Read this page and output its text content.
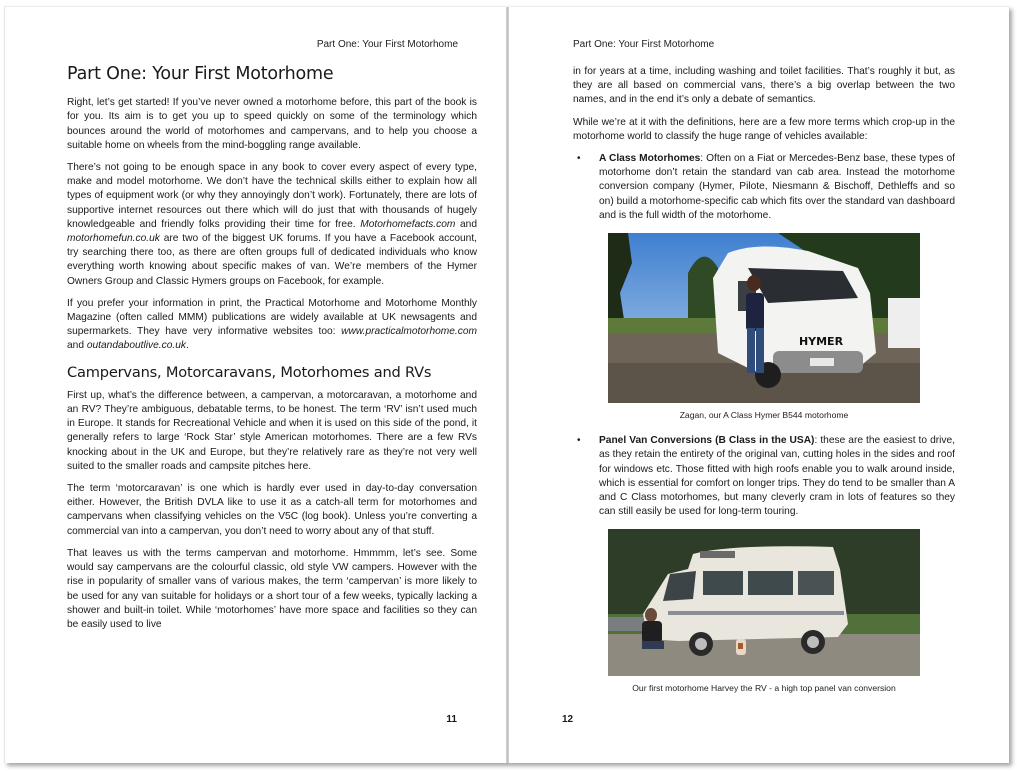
Part One: Your First Motorhome
Part One: Your First Motorhome

Right, let’s get started! If you’ve never owned a motorhome before, this part of the book is for you. Its aim is to get you up to speed quickly on some of the terminology which bounces around the world of motorhomes and campervans, and to help you choose a suitable home on wheels from the mind-boggling range available.

There’s not going to be enough space in any book to cover every aspect of every type, make and model motorhome. We don’t have the technical skills either to explain how all types of equipment work (or why they annoyingly don’t work). Fortunately, there are lots of supportive internet resources out there which will do just that with thousands of hugely knowledgeable and friendly folks providing their time for free. Motorhomefacts.com and motorhomefun.co.uk are two of the biggest UK forums. If you have a Facebook account, try searching there too, as there are often groups full of dedicated individuals who know everything worth knowing about specific makes of van. We’re members of the Hymer Owners Group and Classic Hymers groups on Facebook, for example.

If you prefer your information in print, the Practical Motorhome and Motorhome Monthly Magazine (often called MMM) publications are widely available at UK newsagents and supermarkets. They have very informative websites too: www.practicalmotorhome.com and outandaboutlive.co.uk.

Campervans, Motorcaravans, Motorhomes and RVs

First up, what’s the difference between, a campervan, a motorcaravan, a motorhome and an RV? They’re ambiguous, debatable terms, to be honest. The term ‘RV’ isn’t used much in Europe. It stands for Recreational Vehicle and when it is used on this side of the pond, it generally refers to large ‘Rock Star’ style American motorhomes. There are a few RVs knocking about in the UK and Europe, but they’re relatively rare as they’re not very well suited to the smaller roads and campsite pitches here.

The term ‘motorcaravan’ is one which is hardly ever used in day-to-day conversation either. However, the British DVLA like to use it as a catch-all term for motorhomes and campervans when classifying vehicles on the V5C (log book). Unless you’re converting a commercial van into a campervan, you don’t need to worry about any of that stuff.

That leaves us with the terms campervan and motorhome. Hmmmm, let’s see. Some would say campervans are the colourful classic, old style VW campers. However with the rise in popularity of smaller vans of various makes, the term ‘campervan’ is more likely to be used for any van suitable for holidays or a short tour of a few weeks, typically lacking a shower and built-in toilet. While ‘motorhomes’ have more space and facilities so they can be easily used to live

11
Part One: Your First Motorhome

in for years at a time, including washing and toilet facilities. That’s roughly it but, as they are all based on commercial vans, there’s a big overlap between the two names, and in the end it’s only a debate of semantics.

While we’re at it with the definitions, here are a few more terms which crop-up in the motorhome world to classify the huge range of vehicles available:

• A Class Motorhomes: Often on a Fiat or Mercedes-Benz base, these types of motorhome don’t retain the standard van cab area. Instead the motorhome conversion company (Hymer, Pilote, Niesmann & Bischoff, Dethleffs and so on) build a motorhome-specific cab which fits over the standard van dashboard and is the full width of the motorhome.
HYMER
Zagan, our A Class Hymer B544 motorhome
• Panel Van Conversions (B Class in the USA): these are the easiest to drive, as they retain the entirety of the original van, cutting holes in the sides and roof for windows etc. Those fitted with high roofs enable you to walk around inside, which is essential for comfort on longer trips. They do tend to be smaller than A and C Class motorhomes, but many cleverly cram in lots of features so they can still easily be used for long-term touring.
Our first motorhome Harvey the RV - a high top panel van conversion
12
